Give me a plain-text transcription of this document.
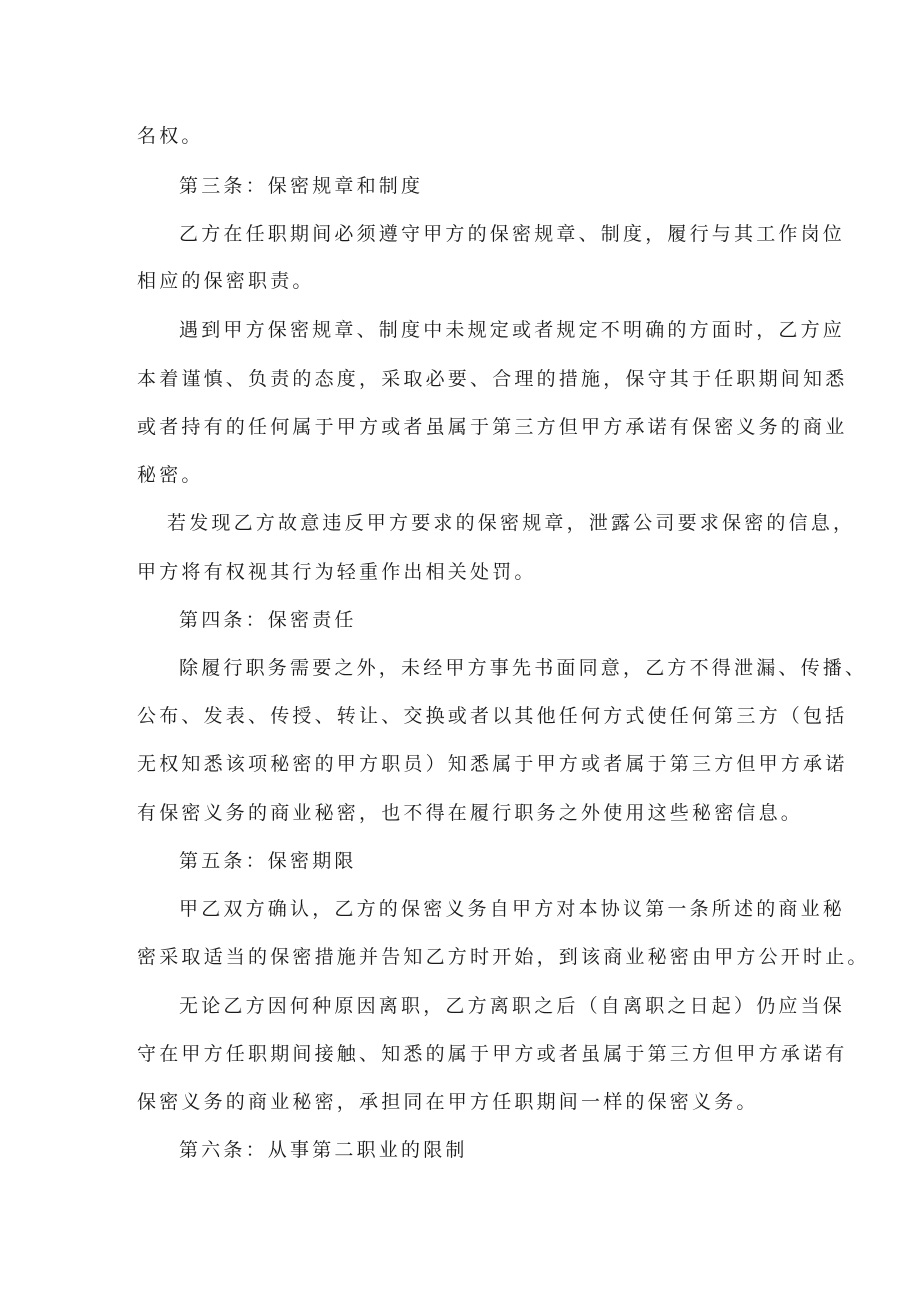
名权。
第三条：保密规章和制度
乙方在任职期间必须遵守甲方的保密规章、制度，履行与其工作岗位
相应的保密职责。
遇到甲方保密规章、制度中未规定或者规定不明确的方面时，乙方应
本着谨慎、负责的态度，采取必要、合理的措施，保守其于任职期间知悉
或者持有的任何属于甲方或者虽属于第三方但甲方承诺有保密义务的商业
秘密。
若发现乙方故意违反甲方要求的保密规章，泄露公司要求保密的信息，
甲方将有权视其行为轻重作出相关处罚。
第四条：保密责任
除履行职务需要之外，未经甲方事先书面同意，乙方不得泄漏、传播、
公布、发表、传授、转让、交换或者以其他任何方式使任何第三方（包括
无权知悉该项秘密的甲方职员）知悉属于甲方或者属于第三方但甲方承诺
有保密义务的商业秘密，也不得在履行职务之外使用这些秘密信息。
第五条：保密期限
甲乙双方确认，乙方的保密义务自甲方对本协议第一条所述的商业秘
密采取适当的保密措施并告知乙方时开始，到该商业秘密由甲方公开时止。
无论乙方因何种原因离职，乙方离职之后（自离职之日起）仍应当保
守在甲方任职期间接触、知悉的属于甲方或者虽属于第三方但甲方承诺有
保密义务的商业秘密，承担同在甲方任职期间一样的保密义务。
第六条：从事第二职业的限制
